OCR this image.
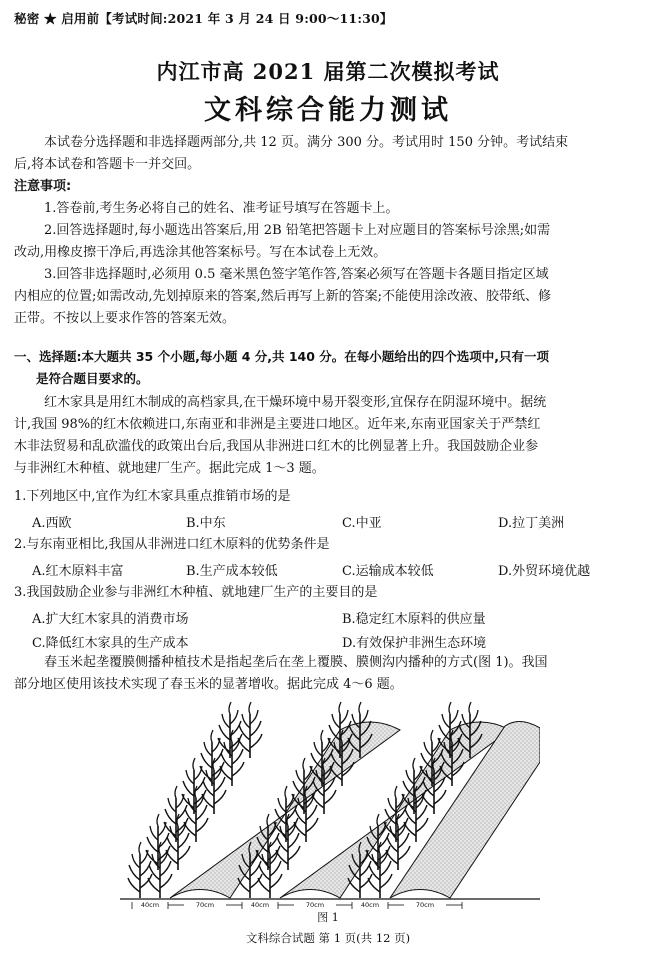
秘密 ★ 启用前【考试时间:2021 年 3 月 24 日 9:00～11:30】
内江市高 2021 届第二次模拟考试
文科综合能力测试
本试卷分选择题和非选择题两部分,共 12 页。满分 300 分。考试用时 150 分钟。考试结束
后,将本试卷和答题卡一并交回。
注意事项:
1.答卷前,考生务必将自己的姓名、准考证号填写在答题卡上。
2.回答选择题时,每小题选出答案后,用 2B 铅笔把答题卡上对应题目的答案标号涂黑;如需
改动,用橡皮擦干净后,再选涂其他答案标号。写在本试卷上无效。
3.回答非选择题时,必须用 0.5 毫米黑色签字笔作答,答案必须写在答题卡各题目指定区域
内相应的位置;如需改动,先划掉原来的答案,然后再写上新的答案;不能使用涂改液、胶带纸、修
正带。不按以上要求作答的答案无效。
一、选择题:本大题共 35 个小题,每小题 4 分,共 140 分。在每小题给出的四个选项中,只有一项
是符合题目要求的。
红木家具是用红木制成的高档家具,在干燥环境中易开裂变形,宜保存在阴湿环境中。据统
计,我国 98%的红木依赖进口,东南亚和非洲是主要进口地区。近年来,东南亚国家关于严禁红
木非法贸易和乱砍滥伐的政策出台后,我国从非洲进口红木的比例显著上升。我国鼓励企业参
与非洲红木种植、就地建厂生产。据此完成 1～3 题。
1.下列地区中,宜作为红木家具重点推销市场的是
A.西欧	B.中东	C.中亚	D.拉丁美洲
2.与东南亚相比,我国从非洲进口红木原料的优势条件是
A.红木原料丰富	B.生产成本较低	C.运输成本较低	D.外贸环境优越
3.我国鼓励企业参与非洲红木种植、就地建厂生产的主要目的是
A.扩大红木家具的消费市场	B.稳定红木原料的供应量
C.降低红木家具的生产成本	D.有效保护非洲生态环境
春玉米起垄覆膜侧播种植技术是指起垄后在垄上覆膜、膜侧沟内播种的方式(图 1)。我国
部分地区使用该技术实现了春玉米的显著增收。据此完成 4～6 题。
40cm	70cm	40cm	70cm	40cm	70cm
图 1
文科综合试题 第 1 页(共 12 页)
